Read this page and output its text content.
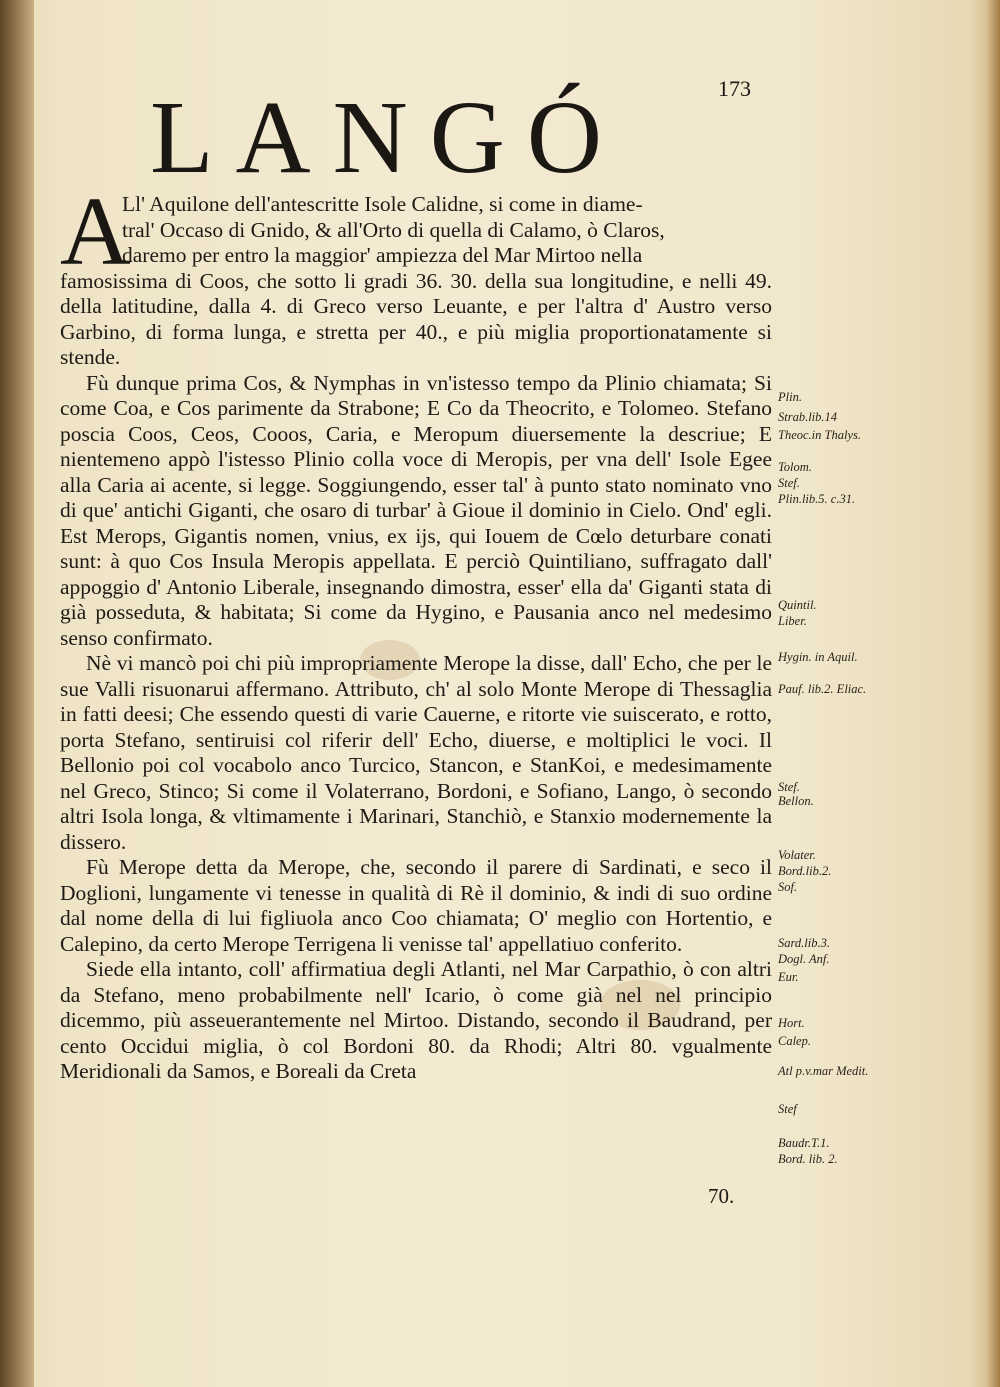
LANGÓ	173

A
Ll' Aquilone dell'antescritte Isole Calidne, si come in diame-
tral' Occaso di Gnido, & all'Orto di quella di Calamo, ò Claros,
daremo per entro la maggior' ampiezza del Mar Mirtoo nella
famosissima di Coos, che sotto li gradi 36. 30. della sua longitudine, e nelli 49. della latitudine, dalla 4. di Greco verso Leuante, e per l'altra d' Austro verso Garbino, di forma lunga, e stretta per 40., e più miglia proportionatamente si stende.

Fù dunque prima Cos, & Nymphas in vn'istesso tempo da Plinio chiamata; Si come Coa, e Cos parimente da Strabone; E Co da Theocrito, e Tolomeo. Stefano poscia Coos, Ceos, Cooos, Caria, e Meropum diuersemente la descriue; E nientemeno appò l'istesso Plinio colla voce di Meropis, per vna dell' Isole Egee alla Caria ai acente, si legge. Soggiungendo, esser tal' à punto stato nominato vno di que' antichi Giganti, che osaro di turbar' à Gioue il dominio in Cielo. Ond' egli. Est Merops, Gigantis nomen, vnius, ex ijs, qui Iouem de Cœlo deturbare conati sunt: à quo Cos Insula Meropis appellata. E perciò Quintiliano, suffragato dall' appoggio d' Antonio Liberale, insegnando dimostra, esser' ella da' Giganti stata di già posseduta, & habitata; Si come da Hygino, e Pausania anco nel medesimo senso confirmato.

Nè vi mancò poi chi più impropriamente Merope la disse, dall' Echo, che per le sue Valli risuonarui affermano. Attributo, ch' al solo Monte Merope di Thessaglia in fatti deesi; Che essendo questi di varie Cauerne, e ritorte vie suiscerato, e rotto, porta Stefano, sentiruisi col riferir dell' Echo, diuerse, e moltiplici le voci. Il Bellonio poi col vocabolo anco Turcico, Stancon, e StanKoi, e medesimamente nel Greco, Stinco; Si come il Volaterrano, Bordoni, e Sofiano, Lango, ò secondo altri Isola longa, & vltimamente i Marinari, Stanchiò, e Stanxio modernemente la dissero.

Fù Merope detta da Merope, che, secondo il parere di Sardinati, e seco il Doglioni, lungamente vi tenesse in qualità di Rè il dominio, & indi di suo ordine dal nome della di lui figliuola anco Coo chiamata; O' meglio con Hortentio, e Calepino, da certo Merope Terrigena li venisse tal' appellatiuo conferito.

Siede ella intanto, coll' affirmatiua degli Atlanti, nel Mar Carpathio, ò con altri da Stefano, meno probabilmente nell' Icario, ò come già nel nel principio dicemmo, più asseuerantemente nel Mirtoo. Distando, secondo il Baudrand, per cento Occidui miglia, ò col Bordoni 80. da Rhodi; Altri 80. vgualmente Meridionali da Samos, e Boreali da Creta

Plin.
Strab.lib.14
Theoc.in Thalys.
Tolom.
Stef.
Plin.lib.5. c.31.
Quintil.
Liber.
Hygin. in Aquil.
Pauf. lib.2. Eliac.
Stef.
Bellon.
Volater.
Bord.lib.2.
Sof.
Sard.lib.3.
Dogl. Anf.
Eur.
Hort.
Calep.
Atl p.v.mar Medit.
Stef
Baudr.T.1.
Bord. lib. 2.
70.
